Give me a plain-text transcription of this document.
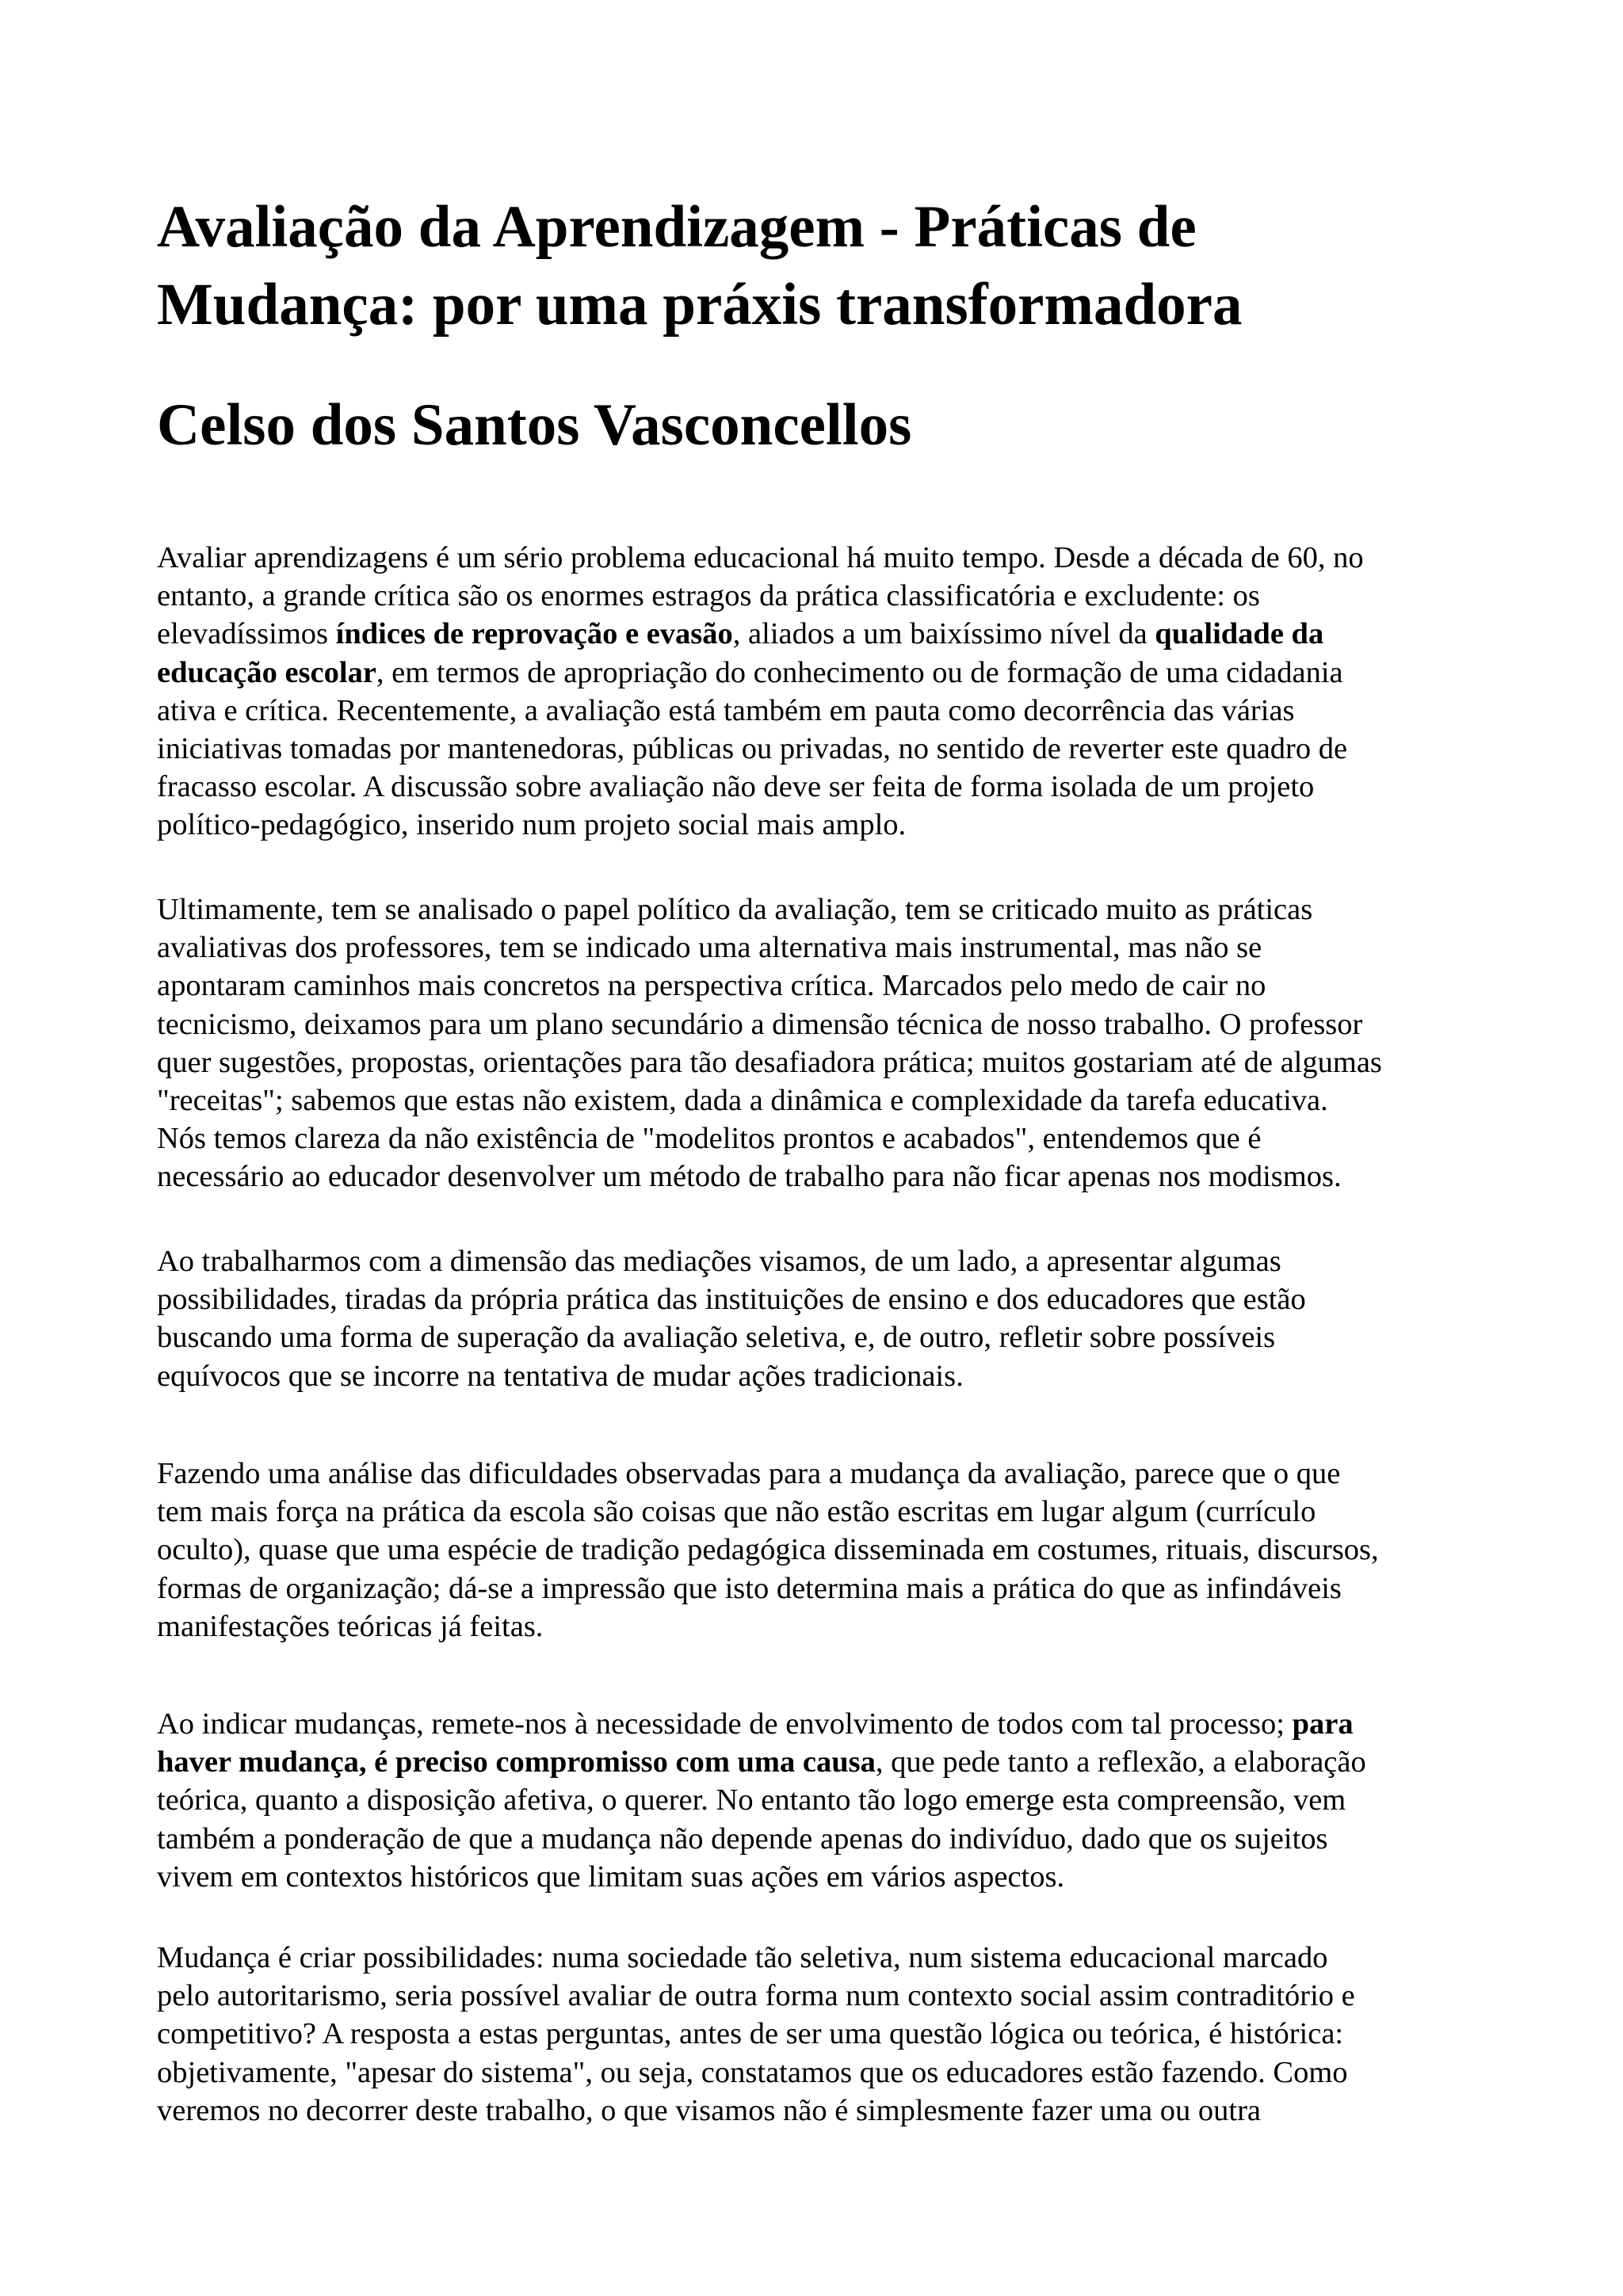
Avaliação da Aprendizagem - Práticas de
Mudança: por uma práxis transformadora
Celso dos Santos Vasconcellos

Avaliar aprendizagens é um sério problema educacional há muito tempo. Desde a década de 60, no
entanto, a grande crítica são os enormes estragos da prática classificatória e excludente: os
elevadíssimos índices de reprovação e evasão, aliados a um baixíssimo nível da qualidade da
educação escolar, em termos de apropriação do conhecimento ou de formação de uma cidadania
ativa e crítica. Recentemente, a avaliação está também em pauta como decorrência das várias
iniciativas tomadas por mantenedoras, públicas ou privadas, no sentido de reverter este quadro de
fracasso escolar. A discussão sobre avaliação não deve ser feita de forma isolada de um projeto
político-pedagógico, inserido num projeto social mais amplo.

Ultimamente, tem se analisado o papel político da avaliação, tem se criticado muito as práticas
avaliativas dos professores, tem se indicado uma alternativa mais instrumental, mas não se
apontaram caminhos mais concretos na perspectiva crítica. Marcados pelo medo de cair no
tecnicismo, deixamos para um plano secundário a dimensão técnica de nosso trabalho. O professor
quer sugestões, propostas, orientações para tão desafiadora prática; muitos gostariam até de algumas
"receitas"; sabemos que estas não existem, dada a dinâmica e complexidade da tarefa educativa.
Nós temos clareza da não existência de "modelitos prontos e acabados", entendemos que é
necessário ao educador desenvolver um método de trabalho para não ficar apenas nos modismos.

Ao trabalharmos com a dimensão das mediações visamos, de um lado, a apresentar algumas
possibilidades, tiradas da própria prática das instituições de ensino e dos educadores que estão
buscando uma forma de superação da avaliação seletiva, e, de outro, refletir sobre possíveis
equívocos que se incorre na tentativa de mudar ações tradicionais.

Fazendo uma análise das dificuldades observadas para a mudança da avaliação, parece que o que
tem mais força na prática da escola são coisas que não estão escritas em lugar algum (currículo
oculto), quase que uma espécie de tradição pedagógica disseminada em costumes, rituais, discursos,
formas de organização; dá-se a impressão que isto determina mais a prática do que as infindáveis
manifestações teóricas já feitas.

Ao indicar mudanças, remete-nos à necessidade de envolvimento de todos com tal processo; para
haver mudança, é preciso compromisso com uma causa, que pede tanto a reflexão, a elaboração
teórica, quanto a disposição afetiva, o querer. No entanto tão logo emerge esta compreensão, vem
também a ponderação de que a mudança não depende apenas do indivíduo, dado que os sujeitos
vivem em contextos históricos que limitam suas ações em vários aspectos.

Mudança é criar possibilidades: numa sociedade tão seletiva, num sistema educacional marcado
pelo autoritarismo, seria possível avaliar de outra forma num contexto social assim contraditório e
competitivo? A resposta a estas perguntas, antes de ser uma questão lógica ou teórica, é histórica:
objetivamente, "apesar do sistema", ou seja, constatamos que os educadores estão fazendo. Como
veremos no decorrer deste trabalho, o que visamos não é simplesmente fazer uma ou outra
